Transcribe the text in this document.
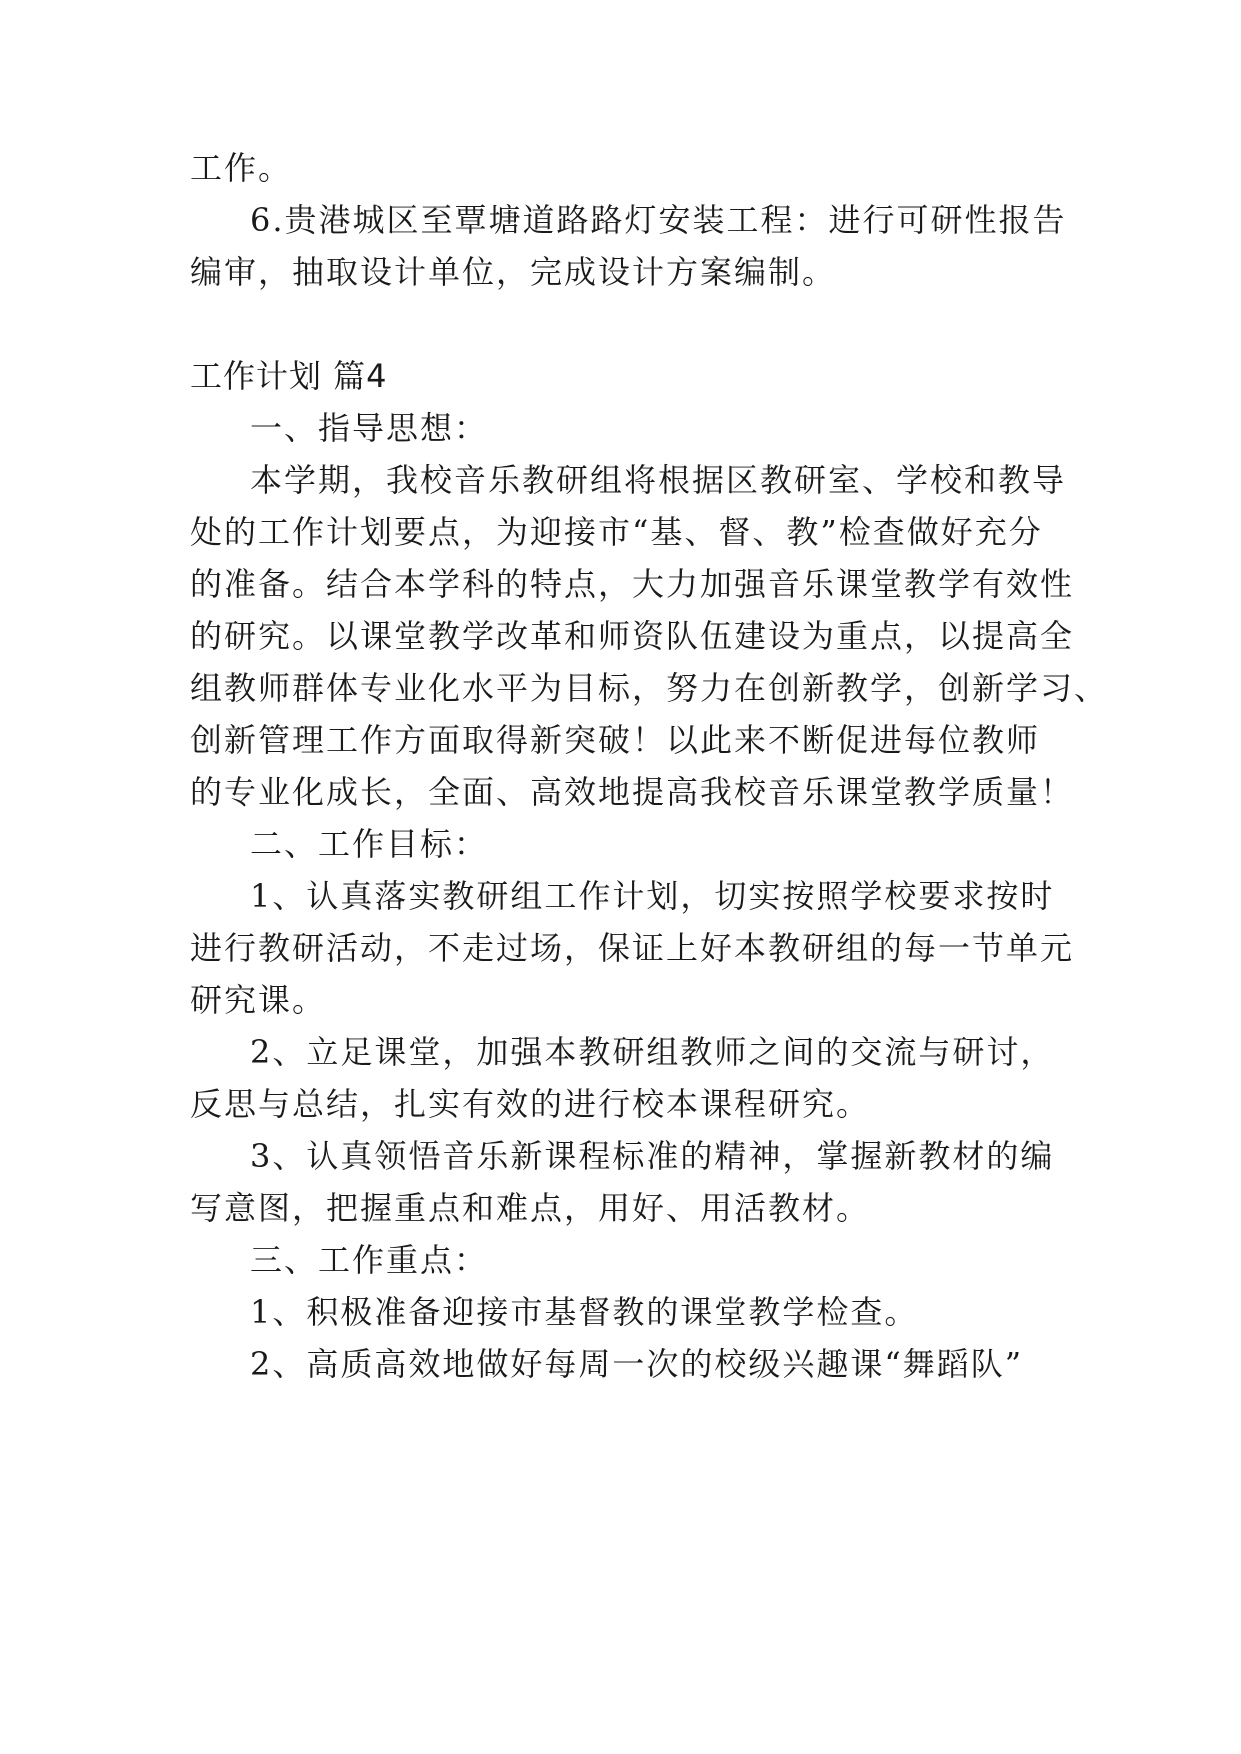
工作。
6.贵港城区至覃塘道路路灯安装工程：进行可研性报告
编审，抽取设计单位，完成设计方案编制。
工作计划 篇4
一、指导思想：
本学期，我校音乐教研组将根据区教研室、学校和教导
处的工作计划要点，为迎接市“基、督、教”检查做好充分
的准备。结合本学科的特点，大力加强音乐课堂教学有效性
的研究。以课堂教学改革和师资队伍建设为重点，以提高全
组教师群体专业化水平为目标，努力在创新教学，创新学习、
创新管理工作方面取得新突破！以此来不断促进每位教师
的专业化成长，全面、高效地提高我校音乐课堂教学质量！
二、工作目标：
1、认真落实教研组工作计划，切实按照学校要求按时
进行教研活动，不走过场，保证上好本教研组的每一节单元
研究课。
2、立足课堂，加强本教研组教师之间的交流与研讨，
反思与总结，扎实有效的进行校本课程研究。
3、认真领悟音乐新课程标准的精神，掌握新教材的编
写意图，把握重点和难点，用好、用活教材。
三、工作重点：
1、积极准备迎接市基督教的课堂教学检查。
2、高质高效地做好每周一次的校级兴趣课“舞蹈队”
